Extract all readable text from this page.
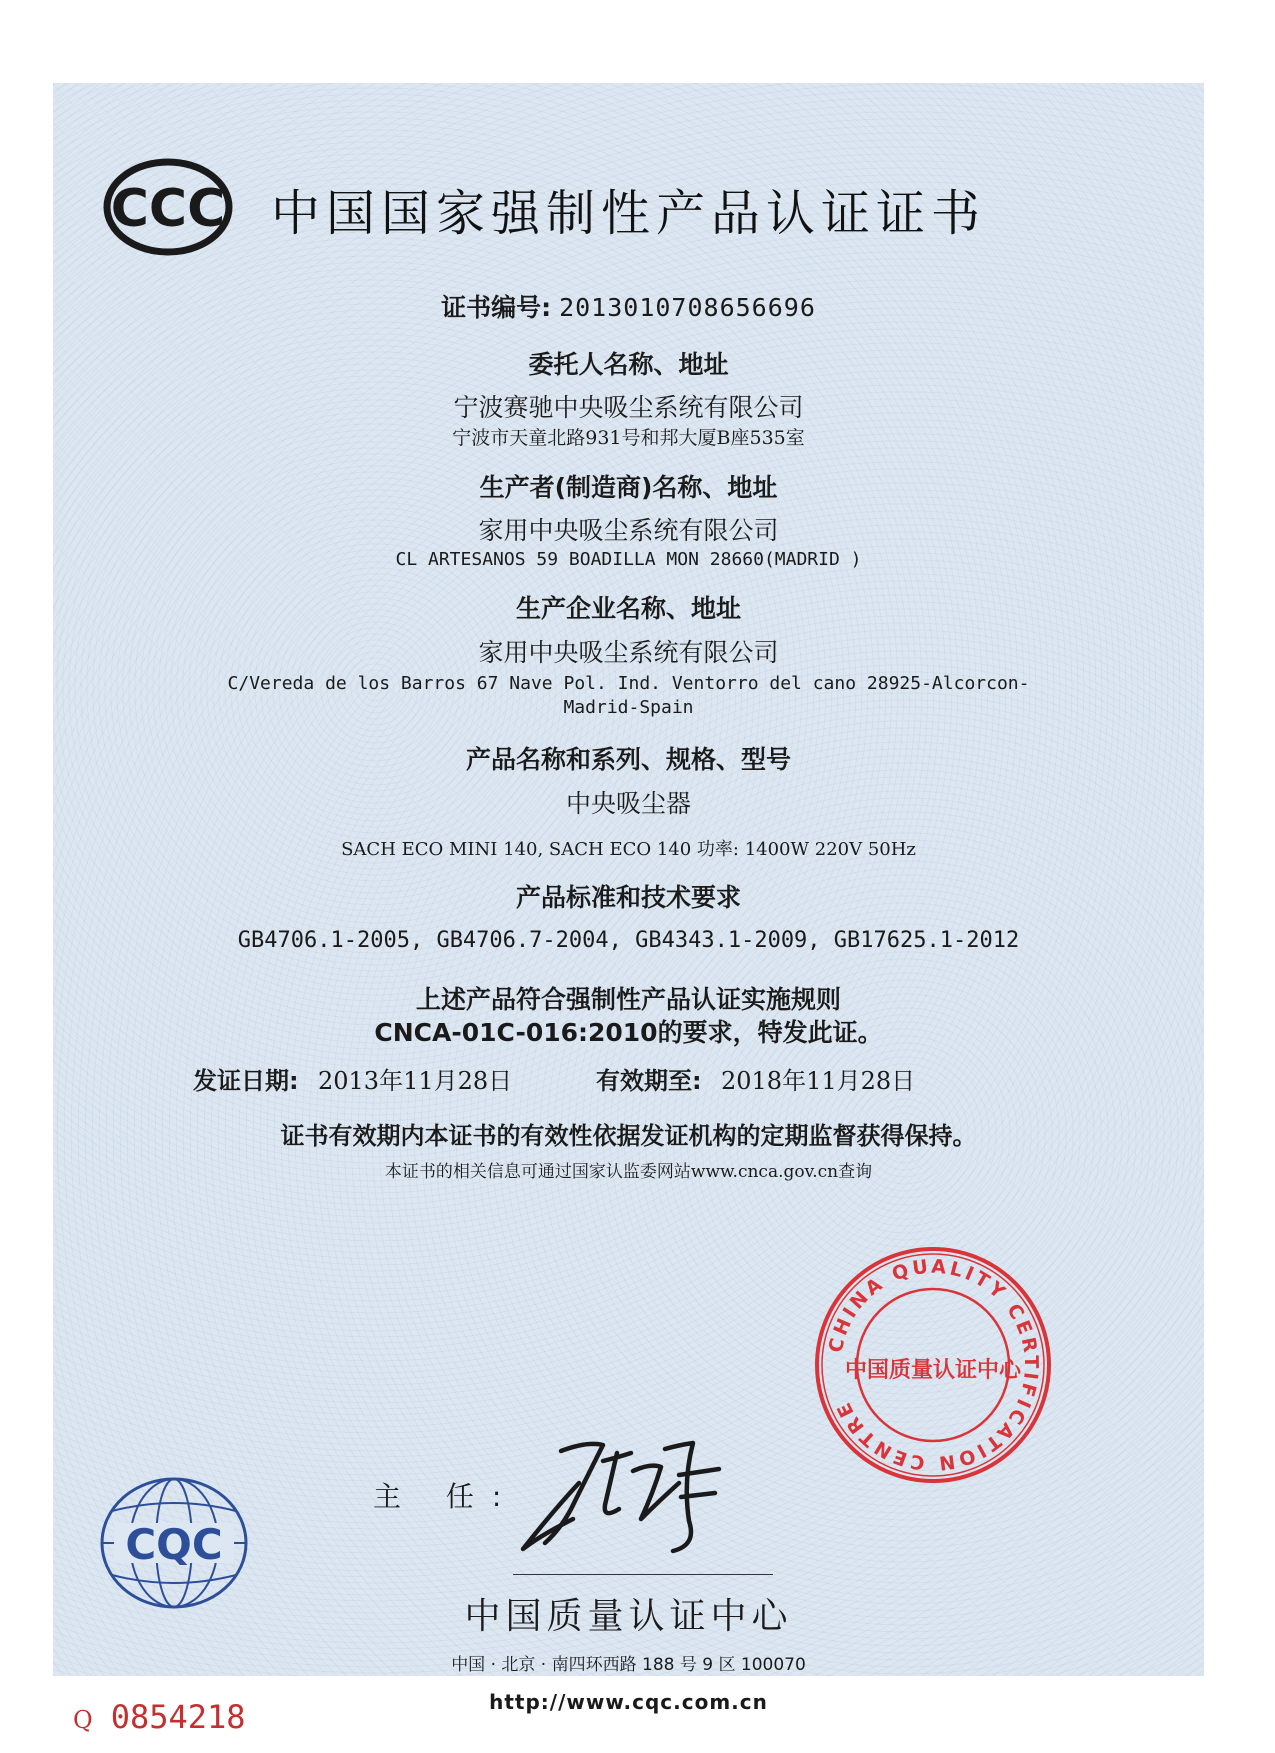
CCC 中国国家强制性产品认证证书
证书编号: 2013010708656696
委托人名称、地址
宁波赛驰中央吸尘系统有限公司
宁波市天童北路931号和邦大厦B座535室
生产者(制造商)名称、地址
家用中央吸尘系统有限公司
CL ARTESANOS 59 BOADILLA MON 28660(MADRID )
生产企业名称、地址
家用中央吸尘系统有限公司
C/Vereda de los Barros 67 Nave Pol. Ind. Ventorro del cano 28925-Alcorcon-
Madrid-Spain
产品名称和系列、规格、型号
中央吸尘器
SACH ECO MINI 140, SACH ECO 140 功率: 1400W 220V 50Hz
产品标准和技术要求
GB4706.1-2005, GB4706.7-2004, GB4343.1-2009, GB17625.1-2012
上述产品符合强制性产品认证实施规则
CNCA-01C-016:2010的要求，特发此证。
发证日期: 2013年11月28日	有效期至: 2018年11月28日
证书有效期内本证书的有效性依据发证机构的定期监督获得保持。
本证书的相关信息可通过国家认监委网站www.cnca.gov.cn查询
CQC
主 任:
中国质量认证中心
中国 · 北京 · 南四环西路 188 号 9 区 100070
http://www.cqc.com.cn
CHINA QUALITY CERTIFICATION CENTRE
中国质量认证中心
Q 0854218
